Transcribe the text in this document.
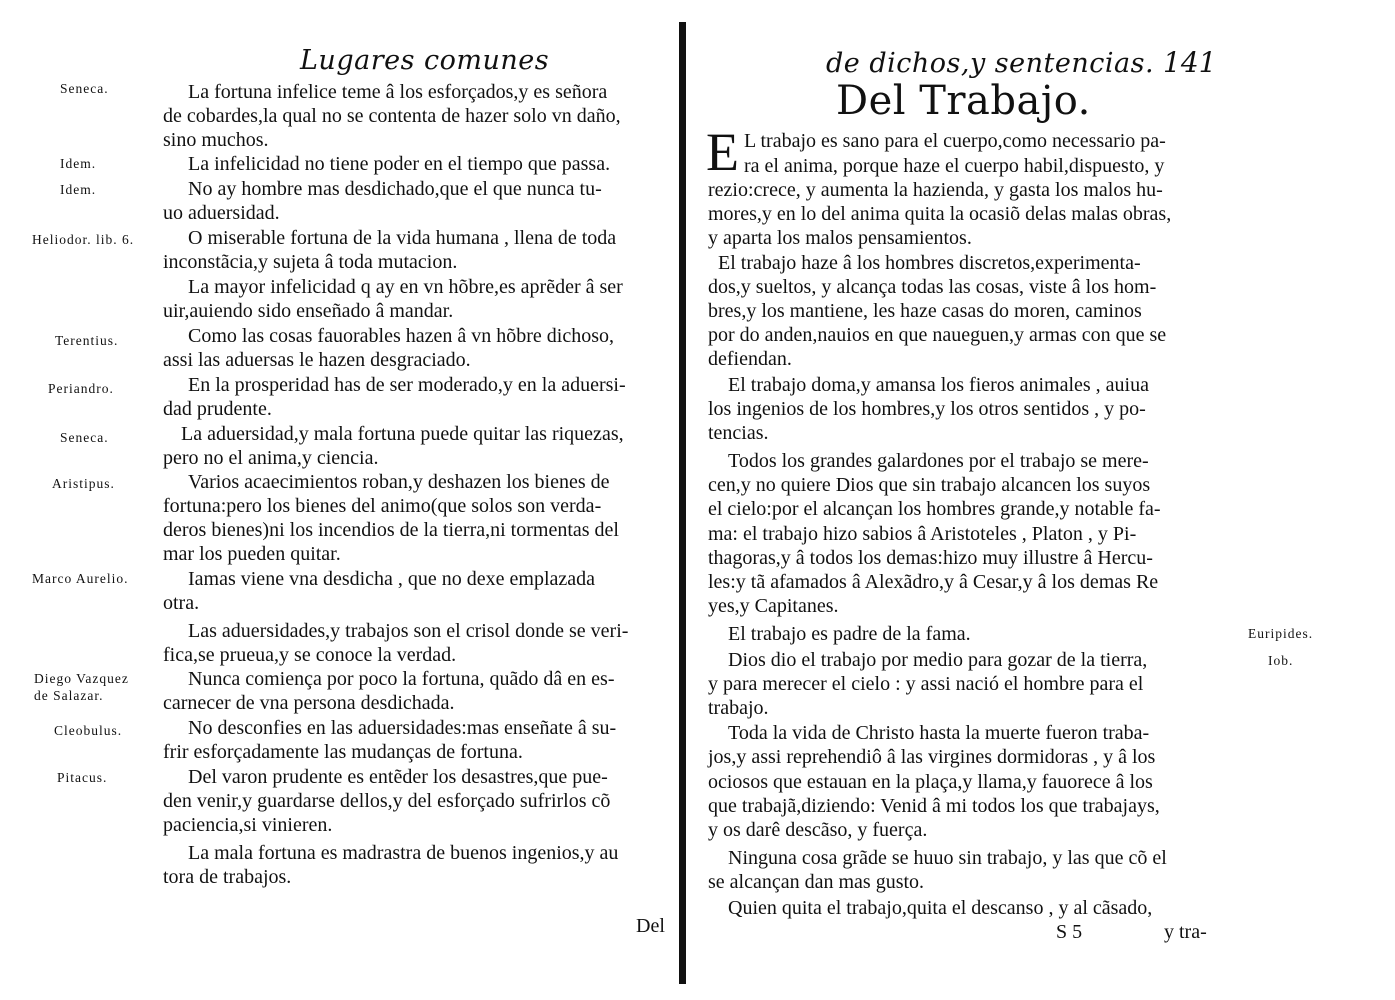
Lugares comunes
Seneca.
Idem.
Idem.
Heliodor. lib. 6.
Terentius.
Periandro.
Seneca.
Aristipus.
Marco Aurelio.
Diego Vazquez
de Salazar.
Cleobulus.
Pitacus.
La fortuna infelice teme â los esforçados,y es señora
de cobardes,la qual no se contenta de hazer solo vn daño,
sino muchos.
La infelicidad no tiene poder en el tiempo que passa.
No ay hombre mas desdichado,que el que nunca tu-
uo aduersidad.
O miserable fortuna de la vida humana , llena de toda
inconstãcia,y sujeta â toda mutacion.
La mayor infelicidad q ay en vn hõbre,es aprẽder â ser
uir,auiendo sido enseñado â mandar.
Como las cosas fauorables hazen â vn hõbre dichoso,
assi las aduersas le hazen desgraciado.
En la prosperidad has de ser moderado,y en la aduersi-
dad prudente.
La aduersidad,y mala fortuna puede quitar las riquezas,
pero no el anima,y ciencia.
Varios acaecimientos roban,y deshazen los bienes de
fortuna:pero los bienes del animo(que solos son verda-
deros bienes)ni los incendios de la tierra,ni tormentas del
mar los pueden quitar.
Iamas viene vna desdicha , que no dexe emplazada
otra.
Las aduersidades,y trabajos son el crisol donde se veri-
fica,se prueua,y se conoce la verdad.
Nunca comiença por poco la fortuna, quãdo dâ en es-
carnecer de vna persona desdichada.
No desconfies en las aduersidades:mas enseñate â su-
frir esforçadamente las mudanças de fortuna.
Del varon prudente es entẽder los desastres,que pue-
den venir,y guardarse dellos,y del esforçado sufrirlos cõ
paciencia,si vinieren.
La mala fortuna es madrastra de buenos ingenios,y au
tora de trabajos.
Del
de dichos,y sentencias. 141
Del Trabajo.
E
Euripides.
Iob.
L trabajo es sano para el cuerpo,como necessario pa-
ra el anima, porque haze el cuerpo habil,dispuesto, y
rezio:crece, y aumenta la hazienda, y gasta los malos hu-
mores,y en lo del anima quita la ocasiõ delas malas obras,
y aparta los malos pensamientos.
El trabajo haze â los hombres discretos,experimenta-
dos,y sueltos, y alcança todas las cosas, viste â los hom-
bres,y los mantiene, les haze casas do moren, caminos
por do anden,nauios en que naueguen,y armas con que se
defiendan.
El trabajo doma,y amansa los fieros animales , auiua
los ingenios de los hombres,y los otros sentidos , y po-
tencias.
Todos los grandes galardones por el trabajo se mere-
cen,y no quiere Dios que sin trabajo alcancen los suyos
el cielo:por el alcançan los hombres grande,y notable fa-
ma: el trabajo hizo sabios â Aristoteles , Platon , y Pi-
thagoras,y â todos los demas:hizo muy illustre â Hercu-
les:y tã afamados â Alexãdro,y â Cesar,y â los demas Re
yes,y Capitanes.
El trabajo es padre de la fama.
Dios dio el trabajo por medio para gozar de la tierra,
y para merecer el cielo : y assi nació el hombre para el
trabajo.
Toda la vida de Christo hasta la muerte fueron traba-
jos,y assi reprehendiô â las virgines dormidoras , y â los
ociosos que estauan en la plaça,y llama,y fauorece â los
que trabajã,diziendo: Venid â mi todos los que trabajays,
y os darê descãso, y fuerça.
Ninguna cosa grãde se huuo sin trabajo, y las que cõ el
se alcançan dan mas gusto.
Quien quita el trabajo,quita el descanso , y al cãsado,
S 5	y tra-
